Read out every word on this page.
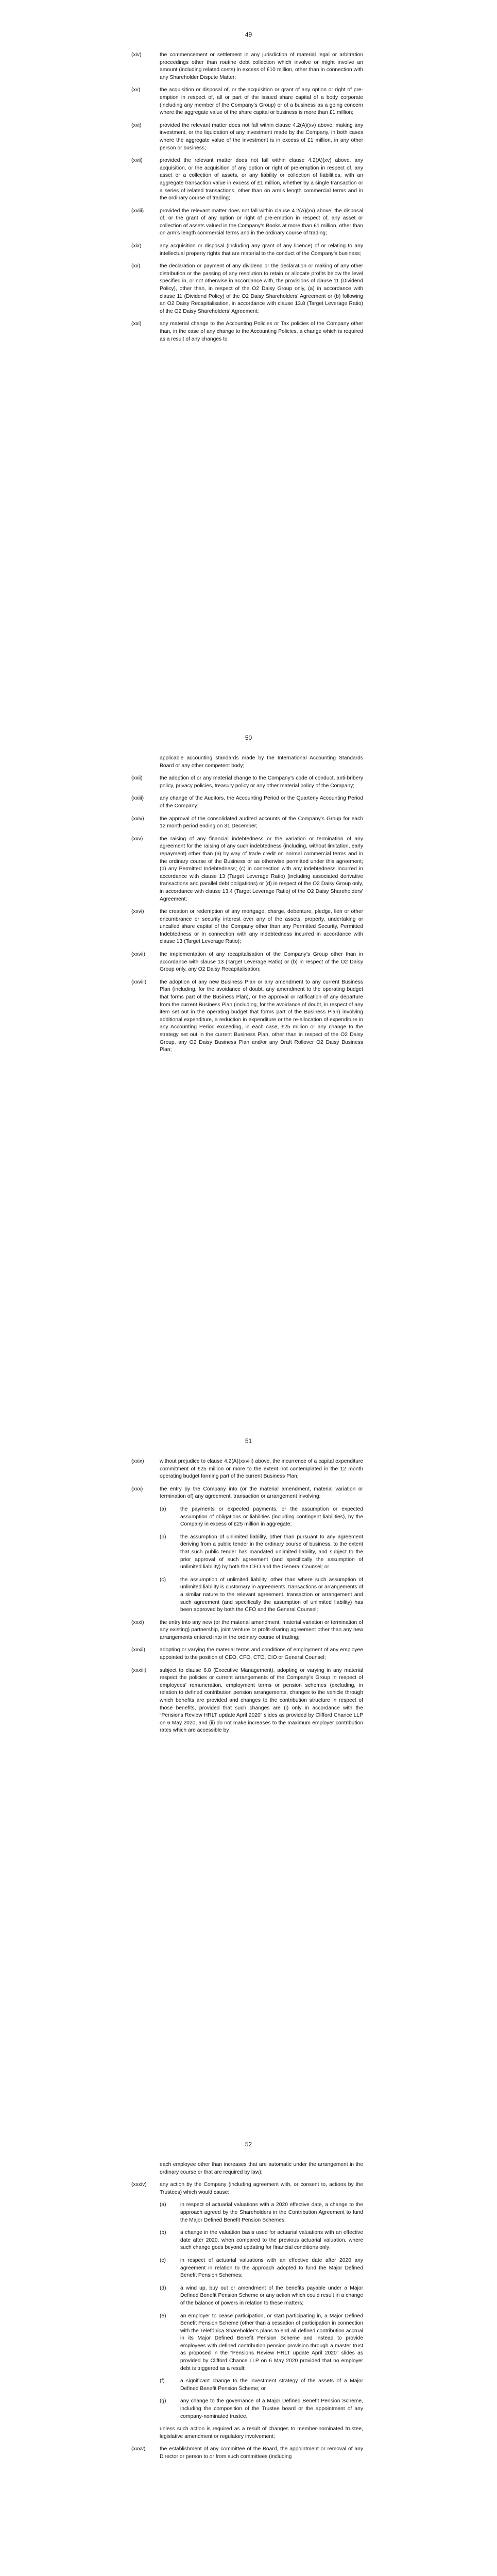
49
(xiv)	the commencement or settlement in any jurisdiction of material legal or arbitration proceedings other than routine debt collection which involve or might involve an amount (including related costs) in excess of £10 million, other than in connection with any Shareholder Dispute Matter;
(xv)	the acquisition or disposal of, or the acquisition or grant of any option or right of pre-emption in respect of, all or part of the issued share capital of a body corporate (including any member of the Company’s Group) or of a business as a going concern where the aggregate value of the share capital or business is more than £1 million;
(xvi)	provided the relevant matter does not fall within clause 4.2(A)(xv) above, making any investment, or the liquidation of any investment made by the Company, in both cases where the aggregate value of the investment is in excess of £1 million, in any other person or business;
(xvii)	provided the relevant matter does not fall within clause 4.2(A)(xv) above, any acquisition, or the acquisition of any option or right of pre-emption in respect of, any asset or a collection of assets, or any liability or collection of liabilities, with an aggregate transaction value in excess of £1 million, whether by a single transaction or a series of related transactions, other than on arm’s length commercial terms and in the ordinary course of trading;
(xviii)	provided the relevant matter does not fall within clause 4.2(A)(xv) above, the disposal of, or the grant of any option or right of pre-emption in respect of, any asset or collection of assets valued in the Company’s Books at more than £1 million, other than on arm’s length commercial terms and in the ordinary course of trading;
(xix)	any acquisition or disposal (including any grant of any licence) of or relating to any intellectual property rights that are material to the conduct of the Company’s business;
(xx)	the declaration or payment of any dividend or the declaration or making of any other distribution or the passing of any resolution to retain or allocate profits below the level specified in, or not otherwise in accordance with, the provisions of clause 11 (Dividend Policy), other than, in respect of the O2 Daisy Group only, (a) in accordance with clause 11 (Dividend Policy) of the O2 Daisy Shareholders’ Agreement or (b) following an O2 Daisy Recapitalisation, in accordance with clause 13.8 (Target Leverage Ratio) of the O2 Daisy Shareholders’ Agreement;
(xxi)	any material change to the Accounting Policies or Tax policies of the Company other than, in the case of any change to the Accounting Policies, a change which is required as a result of any changes to
50
applicable accounting standards made by the International Accounting Standards Board or any other competent body;
(xxii)	the adoption of or any material change to the Company’s code of conduct, anti-bribery policy, privacy policies, treasury policy or any other material policy of the Company;
(xxiii)	any change of the Auditors, the Accounting Period or the Quarterly Accounting Period of the Company;
(xxiv)	the approval of the consolidated audited accounts of the Company’s Group for each 12 month period ending on 31 December;
(xxv)	the raising of any financial indebtedness or the variation or termination of any agreement for the raising of any such indebtedness (including, without limitation, early repayment) other than (a) by way of trade credit on normal commercial terms and in the ordinary course of the Business or as otherwise permitted under this agreement; (b) any Permitted Indebtedness; (c) in connection with any indebtedness incurred in accordance with clause 13 (Target Leverage Ratio) (including associated derivative transactions and parallel debt obligations) or (d) in respect of the O2 Daisy Group only, in accordance with clause 13.4 (Target Leverage Ratio) of the O2 Daisy Shareholders’ Agreement;
(xxvi)	the creation or redemption of any mortgage, charge, debenture, pledge, lien or other encumbrance or security interest over any of the assets, property, undertaking or uncalled share capital of the Company other than any Permitted Security, Permitted Indebtedness or in connection with any indebtedness incurred in accordance with clause 13 (Target Leverage Ratio);
(xxvii)	the implementation of any recapitalisation of the Company’s Group other than in accordance with clause 13 (Target Leverage Ratio) or (b) in respect of the O2 Daisy Group only, any O2 Daisy Recapitalisation;
(xxviii)	the adoption of any new Business Plan or any amendment to any current Business Plan (including, for the avoidance of doubt, any amendment to the operating budget that forms part of the Business Plan), or the approval or ratification of any departure from the current Business Plan (including, for the avoidance of doubt, in respect of any item set out in the operating budget that forms part of the Business Plan) involving additional expenditure, a reduction in expenditure or the re-allocation of expenditure in any Accounting Period exceeding, in each case, £25 million or any change to the strategy set out in the current Business Plan, other than in respect of the O2 Daisy Group, any O2 Daisy Business Plan and/or any Draft Rollover O2 Daisy Business Plan;
51
(xxix)	without prejudice to clause 4.2(A)(xxviii) above, the incurrence of a capital expenditure commitment of £25 million or more to the extent not contemplated in the 12 month operating budget forming part of the current Business Plan;
(xxx)	the entry by the Company into (or the material amendment, material variation or termination of) any agreement, transaction or arrangement involving:
(a)	the payments or expected payments, or the assumption or expected assumption of obligations or liabilities (including contingent liabilities), by the Company in excess of £25 million in aggregate;
(b)	the assumption of unlimited liability, other than pursuant to any agreement deriving from a public tender in the ordinary course of business, to the extent that such public tender has mandated unlimited liability, and subject to the prior approval of such agreement (and specifically the assumption of unlimited liability) by both the CFO and the General Counsel; or
(c)	the assumption of unlimited liability, other than where such assumption of unlimited liability is customary in agreements, transactions or arrangements of a similar nature to the relevant agreement, transaction or arrangement and such agreement (and specifically the assumption of unlimited liability) has been approved by both the CFO and the General Counsel;
(xxxi)	the entry into any new (or the material amendment, material variation or termination of any existing) partnership, joint venture or profit-sharing agreement other than any new arrangements entered into in the ordinary course of trading;
(xxxii)	adopting or varying the material terms and conditions of employment of any employee appointed to the position of CEO, CFO, CTO, CIO or General Counsel;
(xxxiii)	subject to clause 6.8 (Executive Management), adopting or varying in any material respect the policies or current arrangements of the Company’s Group in respect of employees’ remuneration, employment terms or pension schemes (excluding, in relation to defined contribution pension arrangements, changes to the vehicle through which benefits are provided and changes to the contribution structure in respect of those benefits, provided that such changes are (i) only in accordance with the “Pensions Review HRLT update April 2020” slides as provided by Clifford Chance LLP on 6 May 2020, and (ii) do not make increases to the maximum employer contribution rates which are accessible by
52
each employee other than increases that are automatic under the arrangement in the ordinary course or that are required by law);
(xxxiv)	any action by the Company (including agreement with, or consent to, actions by the Trustees) which would cause:
(a)	in respect of actuarial valuations with a 2020 effective date, a change to the approach agreed by the Shareholders in the Contribution Agreement to fund the Major Defined Benefit Pension Schemes;
(b)	a change in the valuation basis used for actuarial valuations with an effective date after 2020, when compared to the previous actuarial valuation, where such change goes beyond updating for financial conditions only;
(c)	in respect of actuarial valuations with an effective date after 2020 any agreement in relation to the approach adopted to fund the Major Defined Benefit Pension Schemes;
(d)	a wind up, buy out or amendment of the benefits payable under a Major Defined Benefit Pension Scheme or any action which could result in a change of the balance of powers in relation to these matters;
(e)	an employer to cease participation, or start participating in, a Major Defined Benefit Pension Scheme (other than a cessation of participation in connection with the Telefónica Shareholder’s plans to end all defined contribution accrual in its Major Defined Benefit Pension Scheme and instead to provide employees with defined contribution pension provision through a master trust as proposed in the “Pensions Review HRLT update April 2020” slides as provided by Clifford Chance LLP on 6 May 2020 provided that no employer debt is triggered as a result;
(f)	a significant change to the investment strategy of the assets of a Major Defined Benefit Pension Scheme; or
(g)	any change to the governance of a Major Defined Benefit Pension Scheme, including the composition of the Trustee board or the appointment of any company-nominated trustee,
unless such action is required as a result of changes to member-nominated trustee, legislative amendment or regulatory involvement;
(xxxv)	the establishment of any committee of the Board, the appointment or removal of any Director or person to or from such committees (including
